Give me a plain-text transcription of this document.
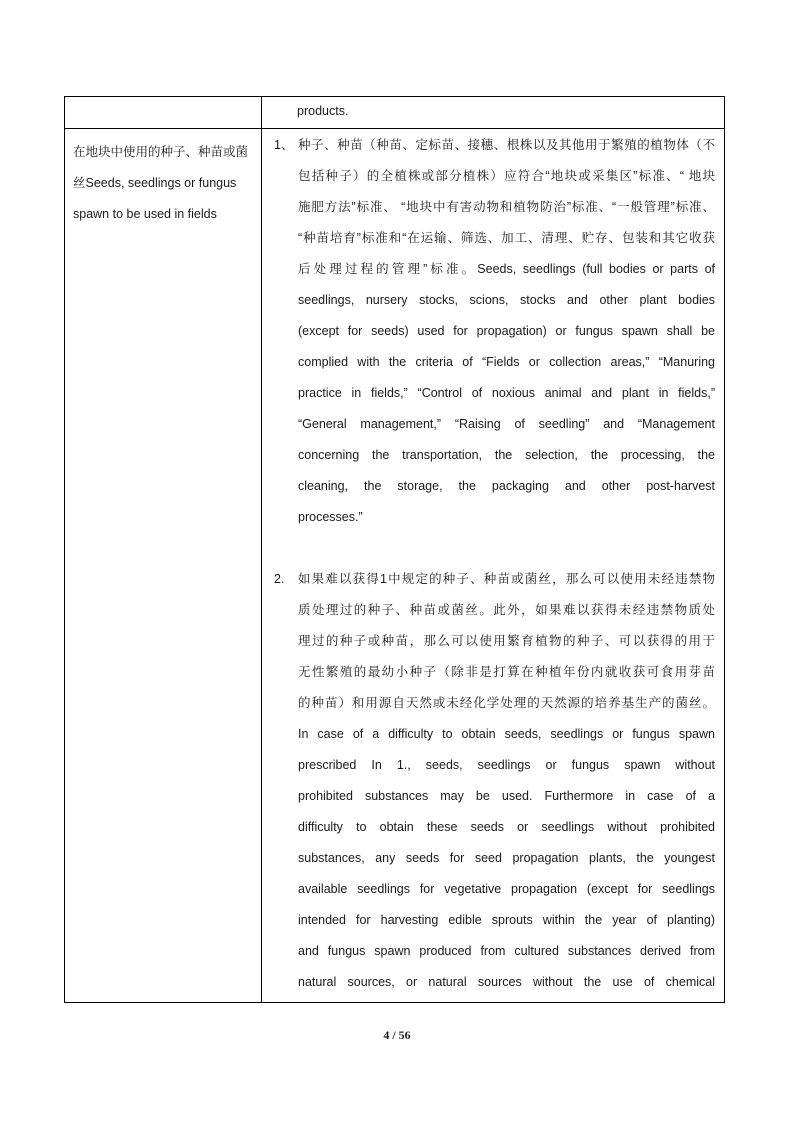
products.
在地块中使用的种子、种苗或菌
丝Seeds, seedlings or fungus
spawn to be used in fields
1、 种子、种苗（种苗、定标苗、接穗、根株以及其他用于繁殖的植物体（不
包括种子）的全植株或部分植株）应符合“地块或采集区”标准、“ 地块
施肥方法”标准、 “地块中有害动物和植物防治”标准、“一般管理”标准、
“种苗培育”标准和“在运输、筛选、加工、清理、贮存、包装和其它收获
后处理过程的管理”标准。Seeds, seedlings (full bodies or parts of
seedlings, nursery stocks, scions, stocks and other plant bodies
(except for seeds) used for propagation) or fungus spawn shall be
complied with the criteria of “Fields or collection areas,” “Manuring
practice in fields,” “Control of noxious animal and plant in fields,”
“General management,” “Raising of seedling” and “Management
concerning the transportation, the selection, the processing, the
cleaning, the storage, the packaging and other post-harvest
processes.”
2. 如果难以获得1中规定的种子、种苗或菌丝，那么可以使用未经违禁物
质处理过的种子、种苗或菌丝。此外，如果难以获得未经违禁物质处
理过的种子或种苗，那么可以使用繁育植物的种子、可以获得的用于
无性繁殖的最幼小种子（除非是打算在种植年份内就收获可食用芽苗
的种苗）和用源自天然或未经化学处理的天然源的培养基生产的菌丝。
In case of a difficulty to obtain seeds, seedlings or fungus spawn
prescribed In 1., seeds, seedlings or fungus spawn without
prohibited substances may be used. Furthermore in case of a
difficulty to obtain these seeds or seedlings without prohibited
substances, any seeds for seed propagation plants, the youngest
available seedlings for vegetative propagation (except for seedlings
intended for harvesting edible sprouts within the year of planting)
and fungus spawn produced from cultured substances derived from
natural sources, or natural sources without the use of chemical
4 / 56
